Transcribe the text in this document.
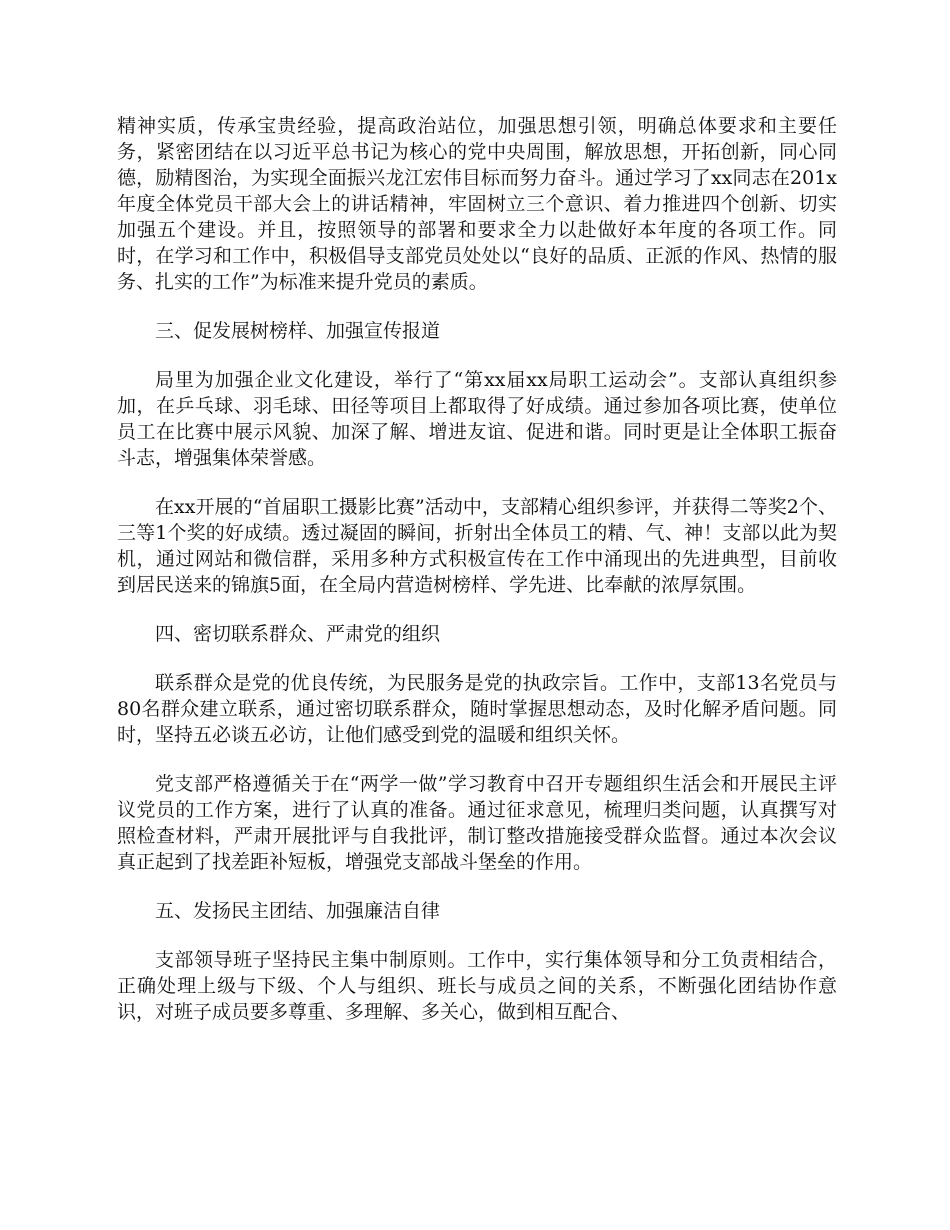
精神实质，传承宝贵经验，提高政治站位，加强思想引领，明确总体要求和主要任务，紧密团结在以习近平总书记为核心的党中央周围，解放思想，开拓创新，同心同德，励精图治，为实现全面振兴龙江宏伟目标而努力奋斗。通过学习了xx同志在201x年度全体党员干部大会上的讲话精神，牢固树立三个意识、着力推进四个创新、切实加强五个建设。并且，按照领导的部署和要求全力以赴做好本年度的各项工作。同时，在学习和工作中，积极倡导支部党员处处以“良好的品质、正派的作风、热情的服务、扎实的工作”为标准来提升党员的素质。

三、促发展树榜样、加强宣传报道

局里为加强企业文化建设，举行了“第xx届xx局职工运动会”。支部认真组织参加，在乒乓球、羽毛球、田径等项目上都取得了好成绩。通过参加各项比赛，使单位员工在比赛中展示风貌、加深了解、增进友谊、促进和谐。同时更是让全体职工振奋斗志，增强集体荣誉感。

在xx开展的“首届职工摄影比赛”活动中，支部精心组织参评，并获得二等奖2个、三等1个奖的好成绩。透过凝固的瞬间，折射出全体员工的精、气、神！支部以此为契机，通过网站和微信群，采用多种方式积极宣传在工作中涌现出的先进典型，目前收到居民送来的锦旗5面，在全局内营造树榜样、学先进、比奉献的浓厚氛围。

四、密切联系群众、严肃党的组织

联系群众是党的优良传统，为民服务是党的执政宗旨。工作中，支部13名党员与80名群众建立联系，通过密切联系群众，随时掌握思想动态，及时化解矛盾问题。同时，坚持五必谈五必访，让他们感受到党的温暖和组织关怀。

党支部严格遵循关于在“两学一做”学习教育中召开专题组织生活会和开展民主评议党员的工作方案，进行了认真的准备。通过征求意见，梳理归类问题，认真撰写对照检查材料，严肃开展批评与自我批评，制订整改措施接受群众监督。通过本次会议真正起到了找差距补短板，增强党支部战斗堡垒的作用。

五、发扬民主团结、加强廉洁自律

支部领导班子坚持民主集中制原则。工作中，实行集体领导和分工负责相结合，正确处理上级与下级、个人与组织、班长与成员之间的关系，不断强化团结协作意识，对班子成员要多尊重、多理解、多关心，做到相互配合、
